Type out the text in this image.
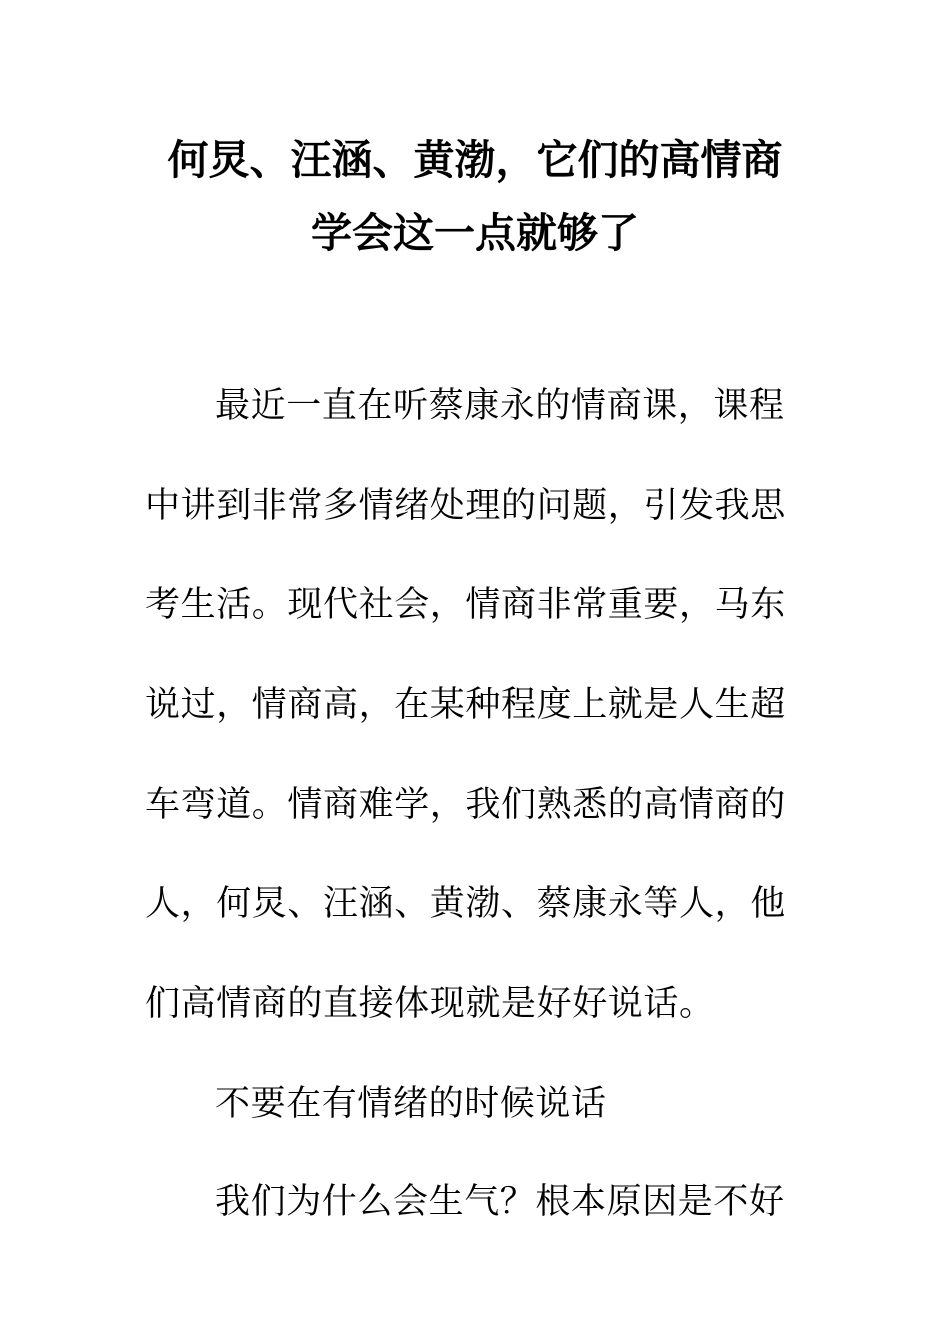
何炅、汪涵、黄渤，它们的高情商
学会这一点就够了
最近一直在听蔡康永的情商课，课程
中讲到非常多情绪处理的问题，引发我思
考生活。现代社会，情商非常重要，马东
说过，情商高，在某种程度上就是人生超
车弯道。情商难学，我们熟悉的高情商的
人，何炅、汪涵、黄渤、蔡康永等人，他
们高情商的直接体现就是好好说话。
不要在有情绪的时候说话
我们为什么会生气？根本原因是不好
